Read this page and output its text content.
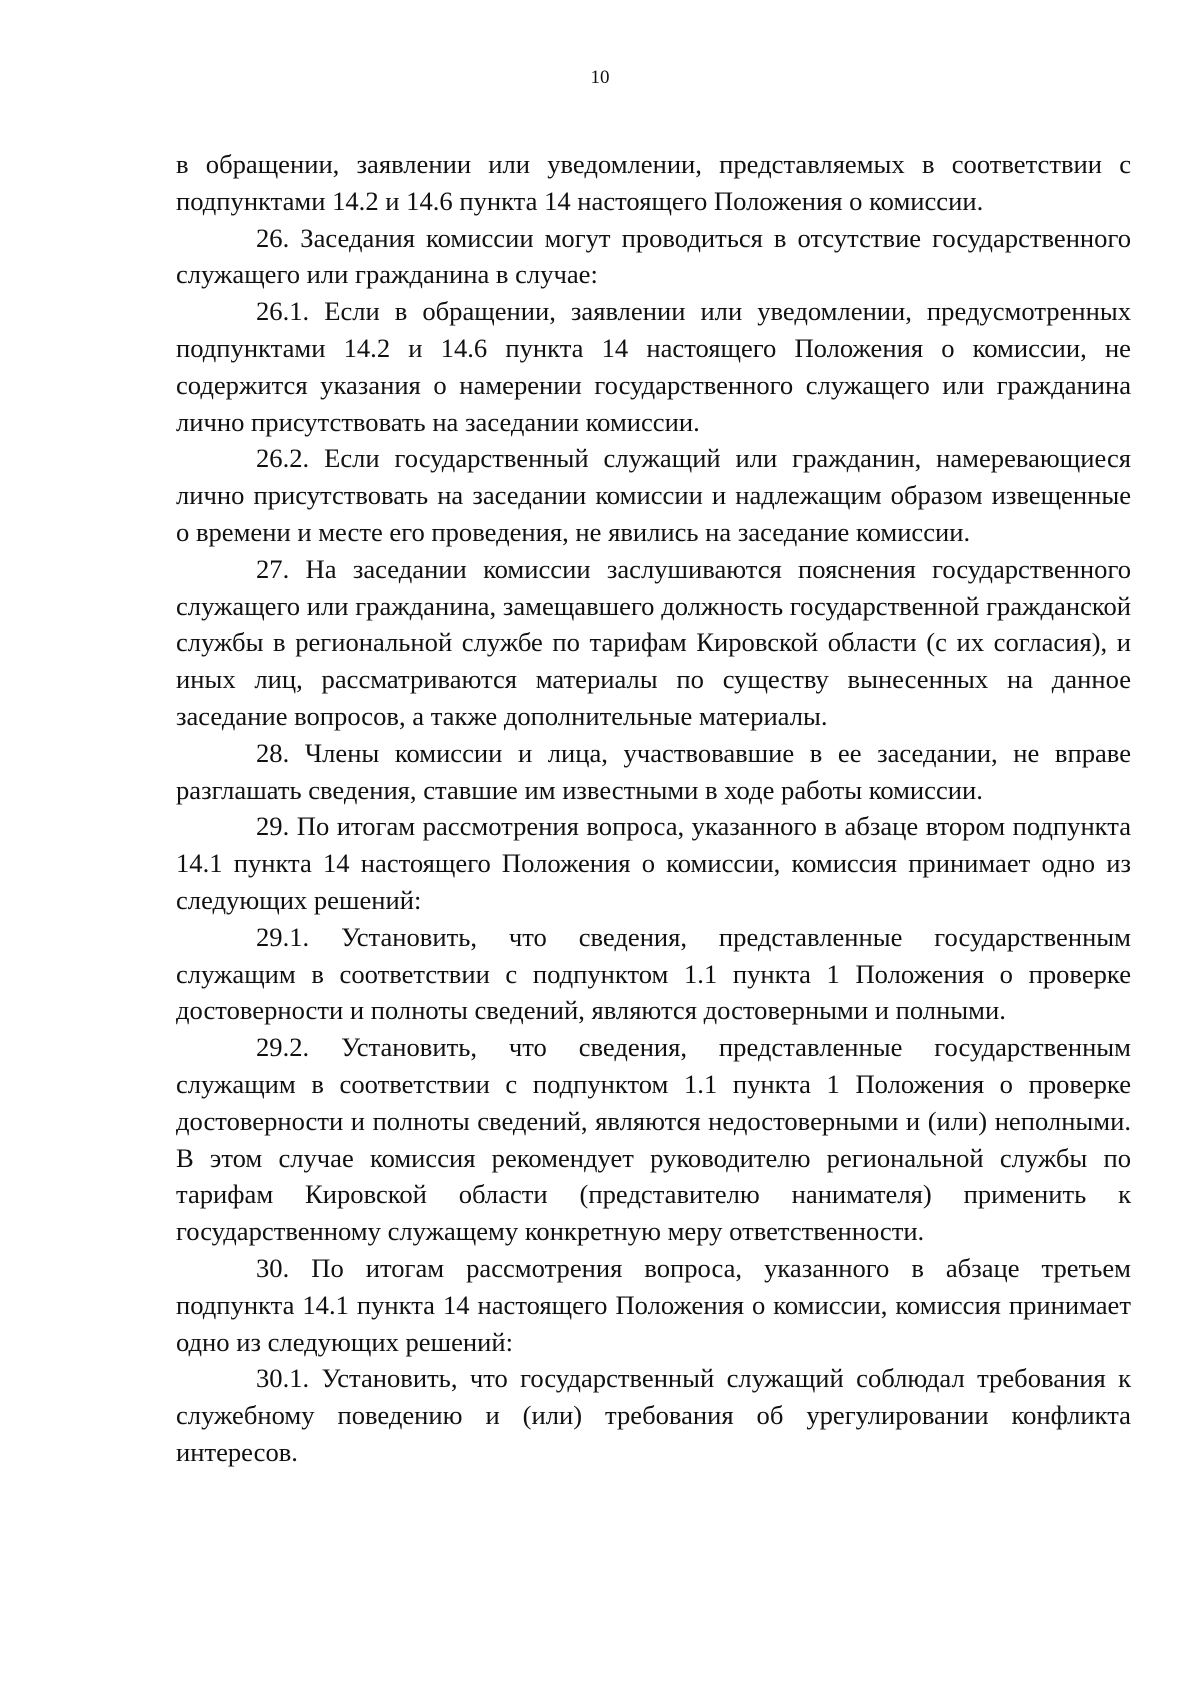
10

в обращении, заявлении или уведомлении, представляемых в соответствии с подпунктами 14.2 и 14.6 пункта 14 настоящего Положения о комиссии.

26. Заседания комиссии могут проводиться в отсутствие государственного служащего или гражданина в случае:

26.1. Если в обращении, заявлении или уведомлении, предусмотренных подпунктами 14.2 и 14.6 пункта 14 настоящего Положения о комиссии, не содержится указания о намерении государственного служащего или гражданина лично присутствовать на заседании комиссии.

26.2. Если государственный служащий или гражданин, намеревающиеся лично присутствовать на заседании комиссии и надлежащим образом извещенные о времени и месте его проведения, не явились на заседание комиссии.

27. На заседании комиссии заслушиваются пояснения государственного служащего или гражданина, замещавшего должность государственной гражданской службы в региональной службе по тарифам Кировской области (с их согласия), и иных лиц, рассматриваются материалы по существу вынесенных на данное заседание вопросов, а также дополнительные материалы.

28. Члены комиссии и лица, участвовавшие в ее заседании, не вправе разглашать сведения, ставшие им известными в ходе работы комиссии.

29. По итогам рассмотрения вопроса, указанного в абзаце втором подпункта 14.1 пункта 14 настоящего Положения о комиссии, комиссия принимает одно из следующих решений:

29.1. Установить, что сведения, представленные государственным служащим в соответствии с подпунктом 1.1 пункта 1 Положения о проверке достоверности и полноты сведений, являются достоверными и полными.

29.2. Установить, что сведения, представленные государственным служащим в соответствии с подпунктом 1.1 пункта 1 Положения о проверке достоверности и полноты сведений, являются недостоверными и (или) неполными. В этом случае комиссия рекомендует руководителю региональной службы по тарифам Кировской области (представителю нанимателя) применить к государственному служащему конкретную меру ответственности.

30. По итогам рассмотрения вопроса, указанного в абзаце третьем подпункта 14.1 пункта 14 настоящего Положения о комиссии, комиссия принимает одно из следующих решений:

30.1. Установить, что государственный служащий соблюдал требования к служебному поведению и (или) требования об урегулировании конфликта интересов.
